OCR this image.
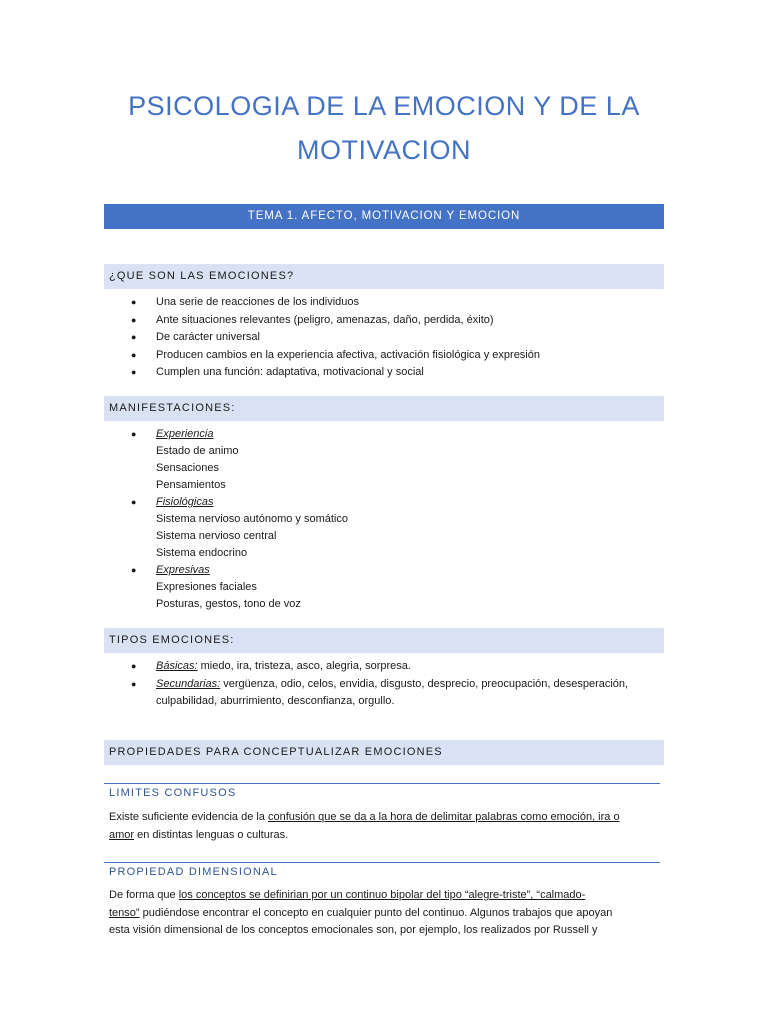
PSICOLOGIA DE LA EMOCION Y DE LA
MOTIVACION
TEMA 1. AFECTO, MOTIVACION Y EMOCION
¿QUE SON LAS EMOCIONES?
● Una serie de reacciones de los individuos
● Ante situaciones relevantes (peligro, amenazas, daño, perdida, éxito)
● De carácter universal
● Producen cambios en la experiencia afectiva, activación fisiológica y expresión
● Cumplen una función: adaptativa, motivacional y social
MANIFESTACIONES:
● Experiencia
Estado de animo
Sensaciones
Pensamientos
● Fisiológicas
Sistema nervioso autónomo y somático
Sistema nervioso central
Sistema endocrino
● Expresivas
Expresiones faciales
Posturas, gestos, tono de voz
TIPOS EMOCIONES:
● Básicas: miedo, ira, tristeza, asco, alegria, sorpresa.
● Secundarias: vergüenza, odio, celos, envidia, disgusto, desprecio, preocupación, desesperación,
culpabilidad, aburrimiento, desconfianza, orgullo.
PROPIEDADES PARA CONCEPTUALIZAR EMOCIONES
LIMITES CONFUSOS
Existe suficiente evidencia de la confusión que se da a la hora de delimitar palabras como emoción, ira o
amor en distintas lenguas o culturas.
PROPIEDAD DIMENSIONAL
De forma que los conceptos se definirian por un continuo bipolar del tipo “alegre-triste”, “calmado-
tenso” pudiéndose encontrar el concepto en cualquier punto del continuo. Algunos trabajos que apoyan
esta visión dimensional de los conceptos emocionales son, por ejemplo, los realizados por Russell y
